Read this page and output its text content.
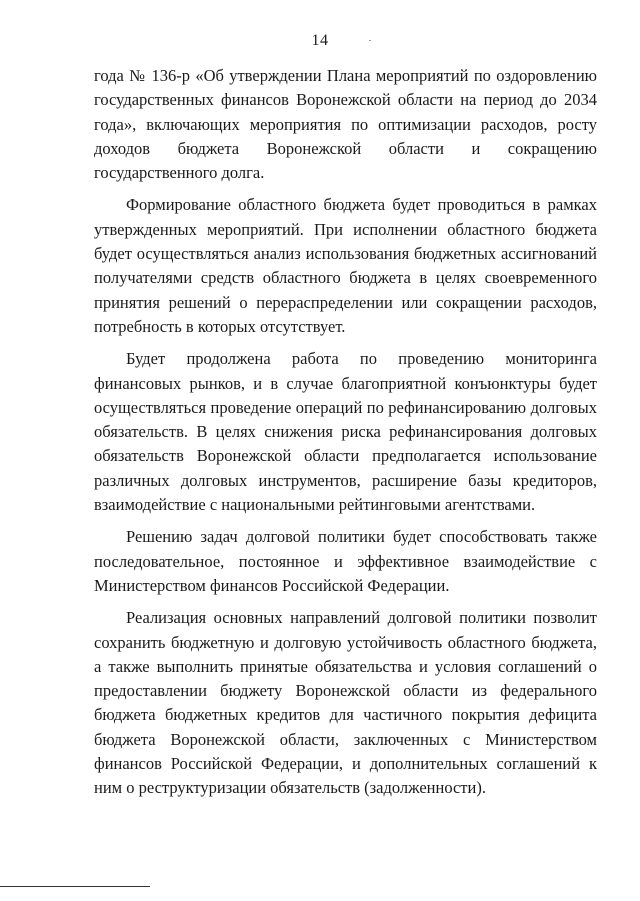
14

года № 136-р «Об утверждении Плана мероприятий по оздоровлению государственных финансов Воронежской области на период до 2034 года», включающих мероприятия по оптимизации расходов, росту доходов бюджета Воронежской области и сокращению государственного долга.

Формирование областного бюджета будет проводиться в рамках утвержденных мероприятий. При исполнении областного бюджета будет осуществляться анализ использования бюджетных ассигнований получателями средств областного бюджета в целях своевременного принятия решений о перераспределении или сокращении расходов, потребность в которых отсутствует.

Будет продолжена работа по проведению мониторинга финансовых рынков, и в случае благоприятной конъюнктуры будет осуществляться проведение операций по рефинансированию долговых обязательств. В целях снижения риска рефинансирования долговых обязательств Воронежской области предполагается использование различных долговых инструментов, расширение базы кредиторов, взаимодействие с национальными рейтинговыми агентствами.

Решению задач долговой политики будет способствовать также последовательное, постоянное и эффективное взаимодействие с Министерством финансов Российской Федерации.

Реализация основных направлений долговой политики позволит сохранить бюджетную и долговую устойчивость областного бюджета, а также выполнить принятые обязательства и условия соглашений о предоставлении бюджету Воронежской области из федерального бюджета бюджетных кредитов для частичного покрытия дефицита бюджета Воронежской области, заключенных с Министерством финансов Российской Федерации, и дополнительных соглашений к ним о реструктуризации обязательств (задолженности).
